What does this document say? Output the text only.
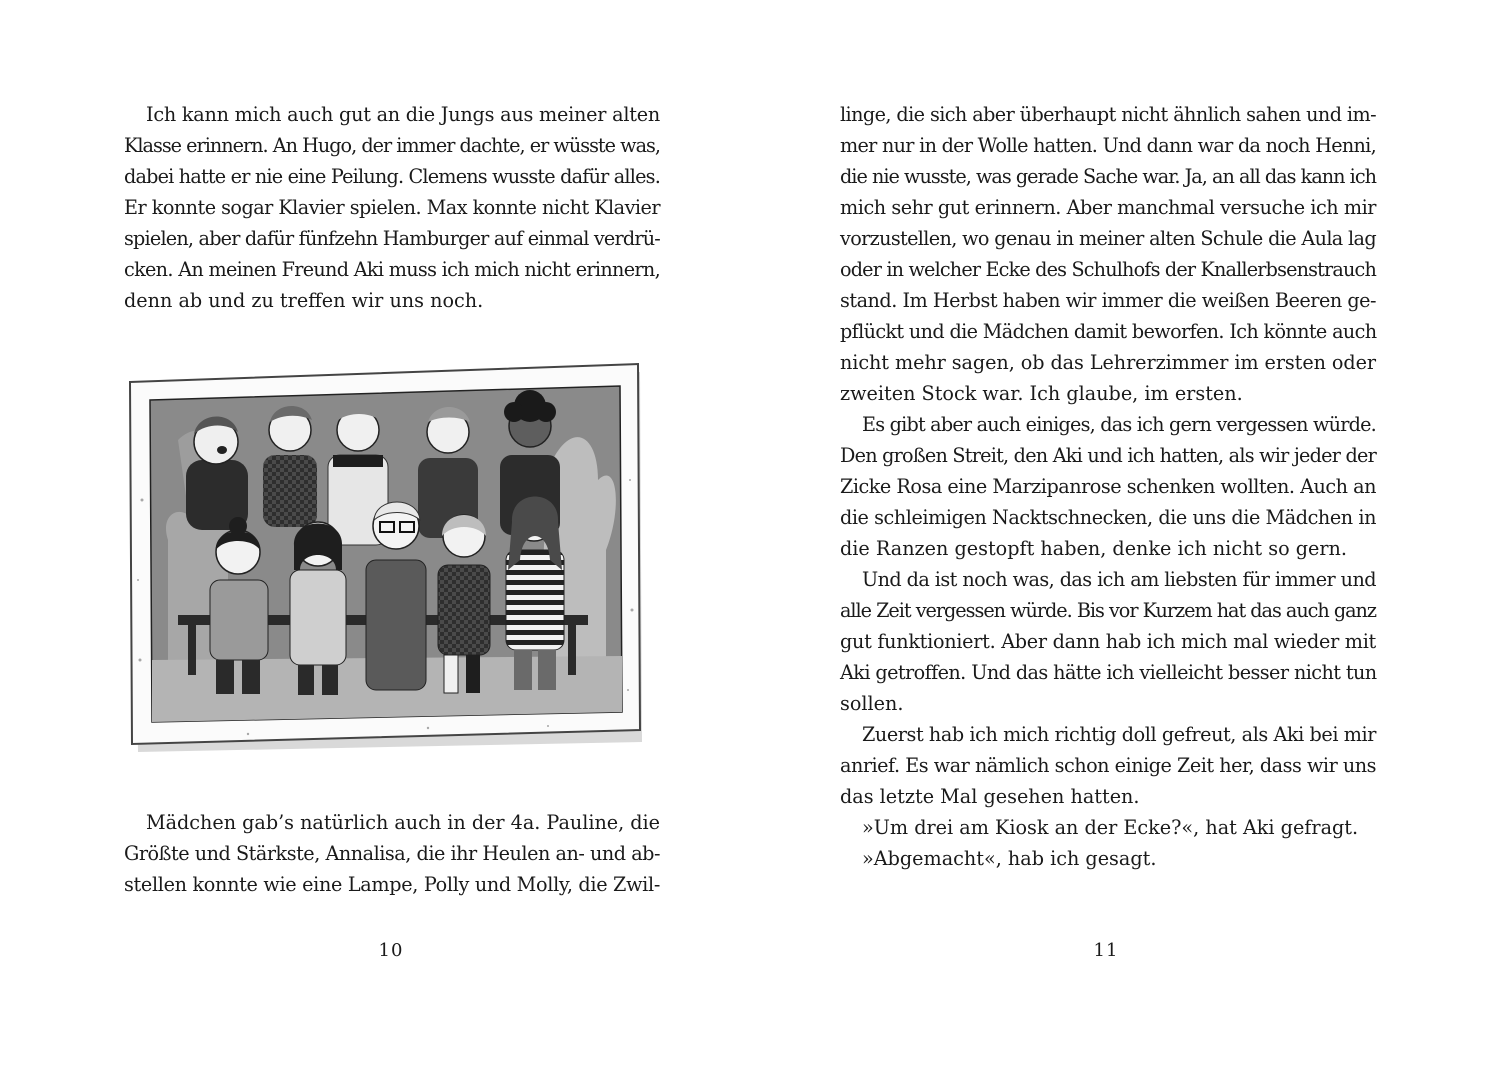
Ich kann mich auch gut an die Jungs aus meiner alten
Klasse erinnern. An Hugo, der immer dachte, er wüsste was,
dabei hatte er nie eine Peilung. Clemens wusste dafür alles.
Er konnte sogar Klavier spielen. Max konnte nicht Klavier
spielen, aber dafür fünfzehn Hamburger auf einmal verdrü-
cken. An meinen Freund Aki muss ich mich nicht erinnern,
denn ab und zu treffen wir uns noch.

Mädchen gab’s natürlich auch in der 4a. Pauline, die
Größte und Stärkste, Annalisa, die ihr Heulen an- und ab-
stellen konnte wie eine Lampe, Polly und Molly, die Zwil-

10

linge, die sich aber überhaupt nicht ähnlich sahen und im-
mer nur in der Wolle hatten. Und dann war da noch Henni,
die nie wusste, was gerade Sache war. Ja, an all das kann ich
mich sehr gut erinnern. Aber manchmal versuche ich mir
vorzustellen, wo genau in meiner alten Schule die Aula lag
oder in welcher Ecke des Schulhofs der Knallerbsenstrauch
stand. Im Herbst haben wir immer die weißen Beeren ge-
pflückt und die Mädchen damit beworfen. Ich könnte auch
nicht mehr sagen, ob das Lehrerzimmer im ersten oder
zweiten Stock war. Ich glaube, im ersten.

Es gibt aber auch einiges, das ich gern vergessen würde.
Den großen Streit, den Aki und ich hatten, als wir jeder der
Zicke Rosa eine Marzipanrose schenken wollten. Auch an
die schleimigen Nacktschnecken, die uns die Mädchen in
die Ranzen gestopft haben, denke ich nicht so gern.

Und da ist noch was, das ich am liebsten für immer und
alle Zeit vergessen würde. Bis vor Kurzem hat das auch ganz
gut funktioniert. Aber dann hab ich mich mal wieder mit
Aki getroffen. Und das hätte ich vielleicht besser nicht tun
sollen.

Zuerst hab ich mich richtig doll gefreut, als Aki bei mir
anrief. Es war nämlich schon einige Zeit her, dass wir uns
das letzte Mal gesehen hatten.

»Um drei am Kiosk an der Ecke?«, hat Aki gefragt.

»Abgemacht«, hab ich gesagt.

11
